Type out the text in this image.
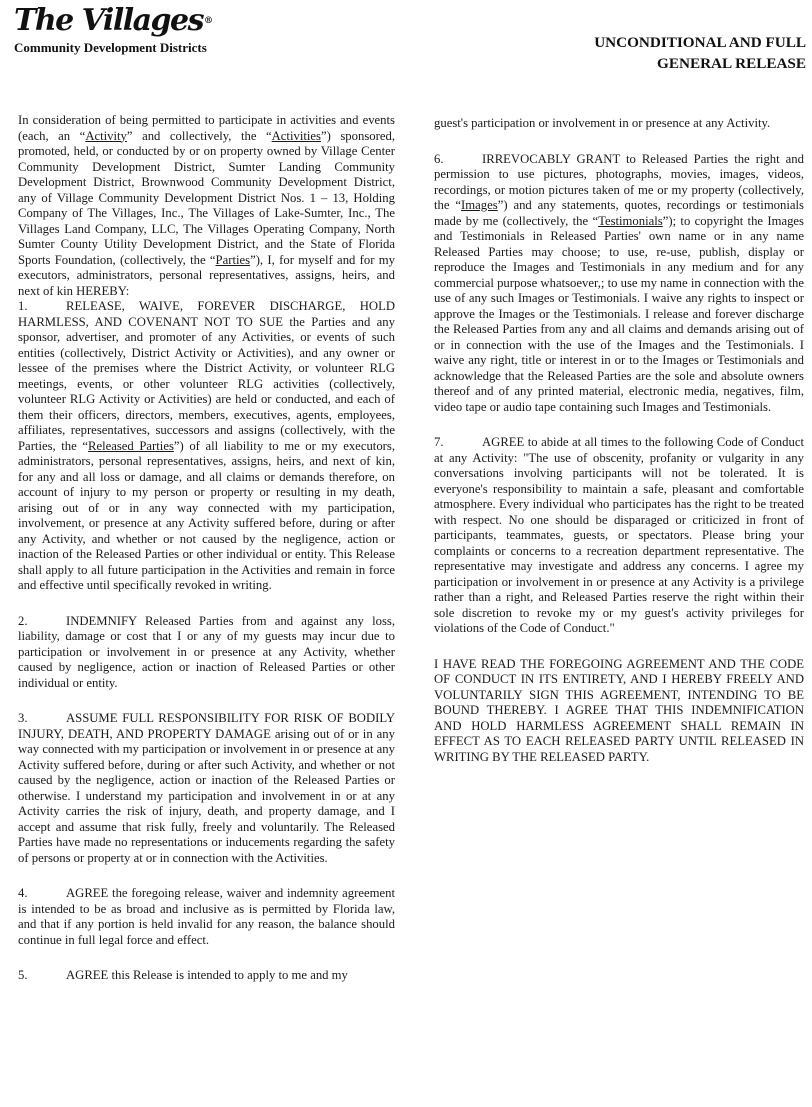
The Villages®
Community Development Districts	UNCONDITIONAL AND FULL
GENERAL RELEASE

In consideration of being permitted to participate in activities and events (each, an “Activity” and collectively, the “Activities”) sponsored, promoted, held, or conducted by or on property owned by Village Center Community Development District, Sumter Landing Community Development District, Brownwood Community Development District, any of Village Community Development District Nos. 1 – 13, Holding Company of The Villages, Inc., The Villages of Lake-Sumter, Inc., The Villages Land Company, LLC, The Villages Operating Company, North Sumter County Utility Development District, and the State of Florida Sports Foundation, (collectively, the “Parties”), I, for myself and for my executors, administrators, personal representatives, assigns, heirs, and next of kin HEREBY:

1.	RELEASE, WAIVE, FOREVER DISCHARGE, HOLD HARMLESS, AND COVENANT NOT TO SUE the Parties and any sponsor, advertiser, and promoter of any Activities, or events of such entities (collectively, District Activity or Activities), and any owner or lessee of the premises where the District Activity, or volunteer RLG meetings, events, or other volunteer RLG activities (collectively, volunteer RLG Activity or Activities) are held or conducted, and each of them their officers, directors, members, executives, agents, employees, affiliates, representatives, successors and assigns (collectively, with the Parties, the “Released Parties”) of all liability to me or my executors, administrators, personal representatives, assigns, heirs, and next of kin, for any and all loss or damage, and all claims or demands therefore, on account of injury to my person or property or resulting in my death, arising out of or in any way connected with my participation, involvement, or presence at any Activity suffered before, during or after any Activity, and whether or not caused by the negligence, action or inaction of the Released Parties or other individual or entity. This Release shall apply to all future participation in the Activities and remain in force and effective until specifically revoked in writing.

2.	INDEMNIFY Released Parties from and against any loss, liability, damage or cost that I or any of my guests may incur due to participation or involvement in or presence at any Activity, whether caused by negligence, action or inaction of Released Parties or other individual or entity.

3.	ASSUME FULL RESPONSIBILITY FOR RISK OF BODILY INJURY, DEATH, AND PROPERTY DAMAGE arising out of or in any way connected with my participation or involvement in or presence at any Activity suffered before, during or after such Activity, and whether or not caused by the negligence, action or inaction of the Released Parties or otherwise. I understand my participation and involvement in or at any Activity carries the risk of injury, death, and property damage, and I accept and assume that risk fully, freely and voluntarily. The Released Parties have made no representations or inducements regarding the safety of persons or property at or in connection with the Activities.

4.	AGREE the foregoing release, waiver and indemnity agreement is intended to be as broad and inclusive as is permitted by Florida law, and that if any portion is held invalid for any reason, the balance should continue in full legal force and effect.

5.	AGREE this Release is intended to apply to me and my

guest's participation or involvement in or presence at any Activity.

6.	IRREVOCABLY GRANT to Released Parties the right and permission to use pictures, photographs, movies, images, videos, recordings, or motion pictures taken of me or my property (collectively, the “Images”) and any statements, quotes, recordings or testimonials made by me (collectively, the “Testimonials”); to copyright the Images and Testimonials in Released Parties' own name or in any name Released Parties may choose; to use, re-use, publish, display or reproduce the Images and Testimonials in any medium and for any commercial purpose whatsoever,; to use my name in connection with the use of any such Images or Testimonials. I waive any rights to inspect or approve the Images or the Testimonials. I release and forever discharge the Released Parties from any and all claims and demands arising out of or in connection with the use of the Images and the Testimonials. I waive any right, title or interest in or to the Images or Testimonials and acknowledge that the Released Parties are the sole and absolute owners thereof and of any printed material, electronic media, negatives, film, video tape or audio tape containing such Images and Testimonials.

7.	AGREE to abide at all times to the following Code of Conduct at any Activity: "The use of obscenity, profanity or vulgarity in any conversations involving participants will not be tolerated. It is everyone's responsibility to maintain a safe, pleasant and comfortable atmosphere. Every individual who participates has the right to be treated with respect. No one should be disparaged or criticized in front of participants, teammates, guests, or spectators. Please bring your complaints or concerns to a recreation department representative. The representative may investigate and address any concerns. I agree my participation or involvement in or presence at any Activity is a privilege rather than a right, and Released Parties reserve the right within their sole discretion to revoke my or my guest's activity privileges for violations of the Code of Conduct."

I HAVE READ THE FOREGOING AGREEMENT AND THE CODE OF CONDUCT IN ITS ENTIRETY, AND I HEREBY FREELY AND VOLUNTARILY SIGN THIS AGREEMENT, INTENDING TO BE BOUND THEREBY. I AGREE THAT THIS INDEMNIFICATION AND HOLD HARMLESS AGREEMENT SHALL REMAIN IN EFFECT AS TO EACH RELEASED PARTY UNTIL RELEASED IN WRITING BY THE RELEASED PARTY.
